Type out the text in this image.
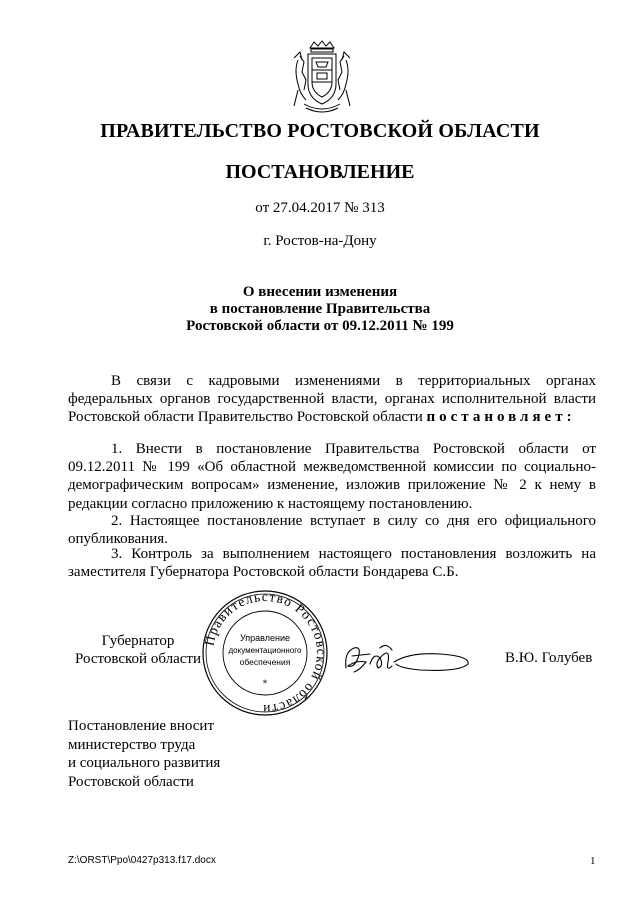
ПРАВИТЕЛЬСТВО РОСТОВСКОЙ ОБЛАСТИ
ПОСТАНОВЛЕНИЕ
от 27.04.2017 № 313
г. Ростов-на-Дону
О внесении изменения
в постановление Правительства
Ростовской области от 09.12.2011 № 199
В связи с кадровыми изменениями в территориальных органах федеральных органов государственной власти, органах исполнительной власти Ростовской области Правительство Ростовской области постановляет:
1. Внести в постановление Правительства Ростовской области от 09.12.2011 № 199 «Об областной межведомственной комиссии по социально-демографическим вопросам» изменение, изложив приложение № 2 к нему в редакции согласно приложению к настоящему постановлению.
2. Настоящее постановление вступает в силу со дня его официального опубликования.
3. Контроль за выполнением настоящего постановления возложить на заместителя Губернатора Ростовской области Бондарева С.Б.
Губернатор
Ростовской области
Правительство Ростовской области
Управление
документационного
обеспечения
*
В.Ю. Голубев
Постановление вносит
министерство труда
и социального развития
Ростовской области
Z:\ORST\Ppo\0427p313.f17.docx	1
